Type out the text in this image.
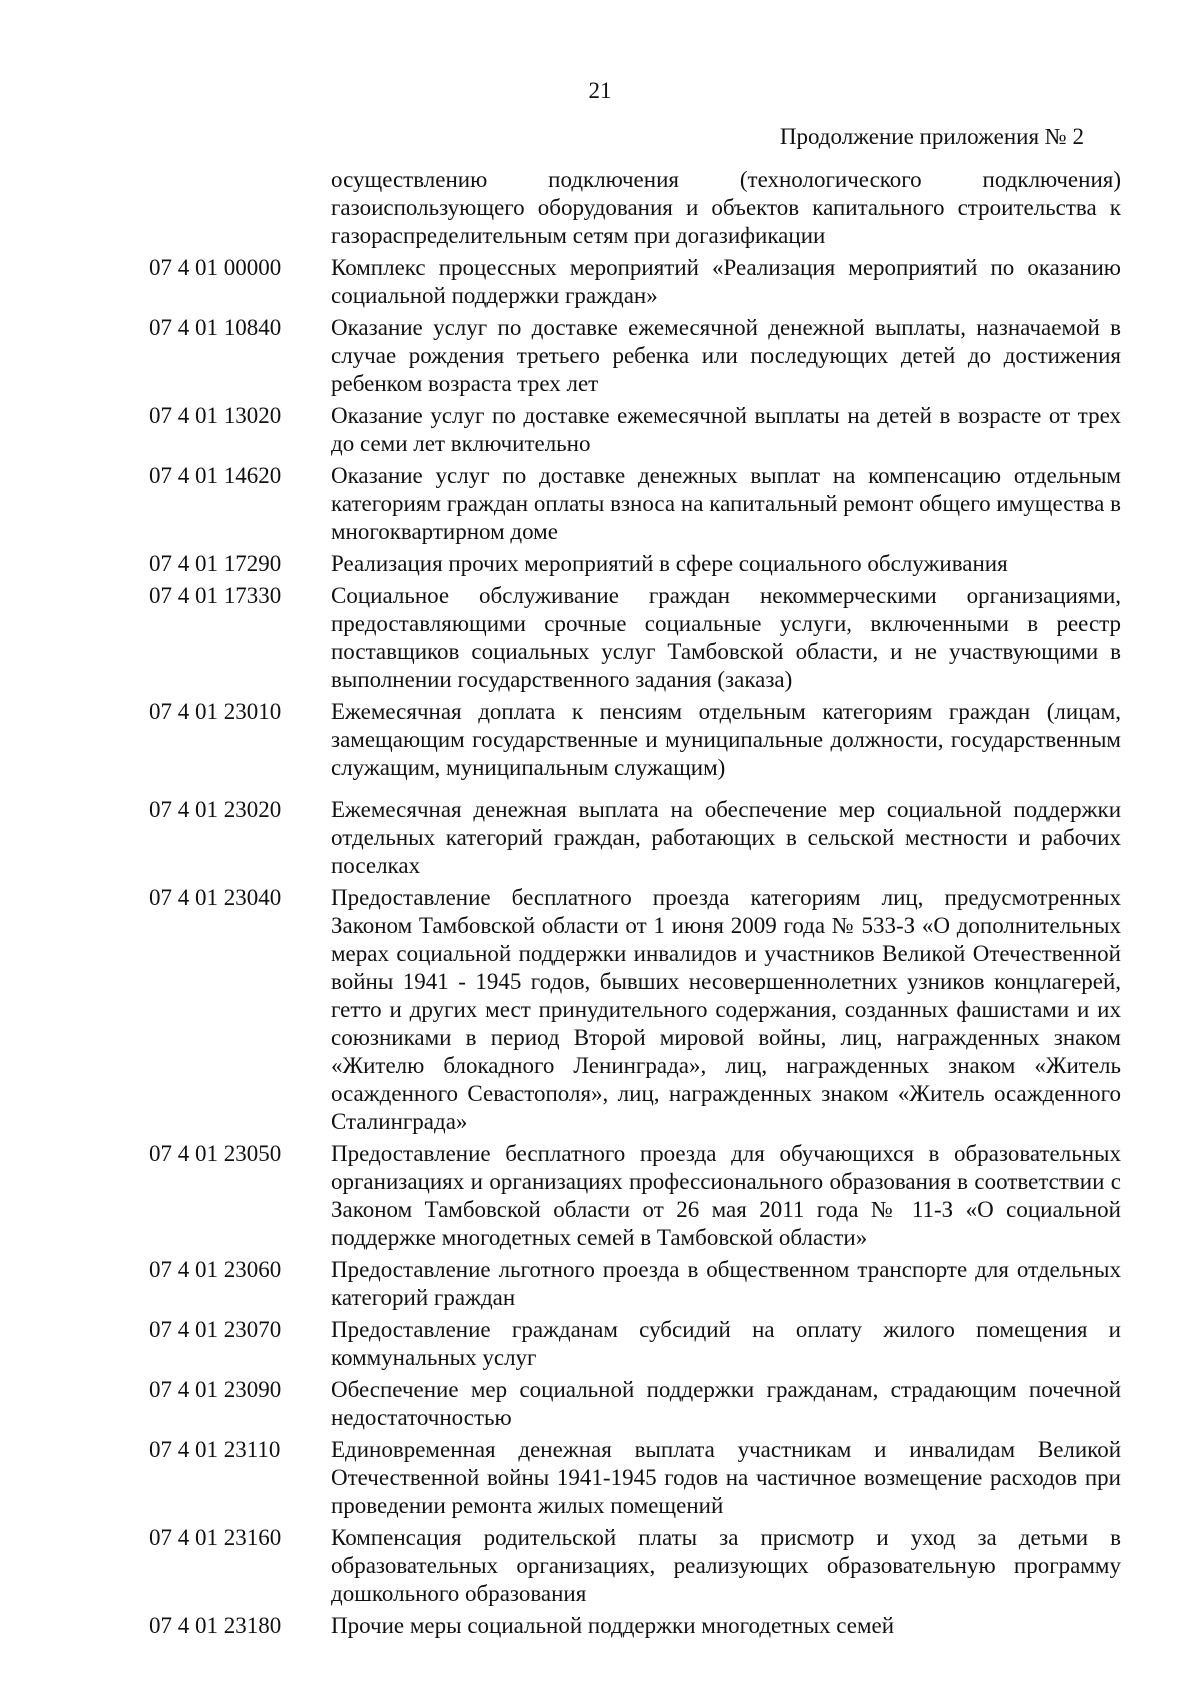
21
Продолжение приложения № 2
осуществлению подключения (технологического подключения) газоиспользующего оборудования и объектов капитального строительства к газораспределительным сетям при догазификации
07 4 01 00000	Комплекс процессных мероприятий «Реализация мероприятий по оказанию социальной поддержки граждан»
07 4 01 10840	Оказание услуг по доставке ежемесячной денежной выплаты, назначаемой в случае рождения третьего ребенка или последующих детей до достижения ребенком возраста трех лет
07 4 01 13020	Оказание услуг по доставке ежемесячной выплаты на детей в возрасте от трех до семи лет включительно
07 4 01 14620	Оказание услуг по доставке денежных выплат на компенсацию отдельным категориям граждан оплаты взноса на капитальный ремонт общего имущества в многоквартирном доме
07 4 01 17290	Реализация прочих мероприятий в сфере социального обслуживания
07 4 01 17330	Социальное обслуживание граждан некоммерческими организациями, предоставляющими срочные социальные услуги, включенными в реестр поставщиков социальных услуг Тамбовской области, и не участвующими в выполнении государственного задания (заказа)
07 4 01 23010	Ежемесячная доплата к пенсиям отдельным категориям граждан (лицам, замещающим государственные и муниципальные должности, государственным служащим, муниципальным служащим)
07 4 01 23020	Ежемесячная денежная выплата на обеспечение мер социальной поддержки отдельных категорий граждан, работающих в сельской местности и рабочих поселках
07 4 01 23040	Предоставление бесплатного проезда категориям лиц, предусмотренных Законом Тамбовской области от 1 июня 2009 года № 533-З «О дополнительных мерах социальной поддержки инвалидов и участников Великой Отечественной войны 1941 - 1945 годов, бывших несовершеннолетних узников концлагерей, гетто и других мест принудительного содержания, созданных фашистами и их союзниками в период Второй мировой войны, лиц, награжденных знаком «Жителю блокадного Ленинграда», лиц, награжденных знаком «Житель осажденного Севастополя», лиц, награжденных знаком «Житель осажденного Сталинграда»
07 4 01 23050	Предоставление бесплатного проезда для обучающихся в образовательных организациях и организациях профессионального образования в соответствии с Законом Тамбовской области от 26 мая 2011 года № 11-З «О социальной поддержке многодетных семей в Тамбовской области»
07 4 01 23060	Предоставление льготного проезда в общественном транспорте для отдельных категорий граждан
07 4 01 23070	Предоставление гражданам субсидий на оплату жилого помещения и коммунальных услуг
07 4 01 23090	Обеспечение мер социальной поддержки гражданам, страдающим почечной недостаточностью
07 4 01 23110	Единовременная денежная выплата участникам и инвалидам Великой Отечественной войны 1941-1945 годов на частичное возмещение расходов при проведении ремонта жилых помещений
07 4 01 23160	Компенсация родительской платы за присмотр и уход за детьми в образовательных организациях, реализующих образовательную программу дошкольного образования
07 4 01 23180	Прочие меры социальной поддержки многодетных семей
